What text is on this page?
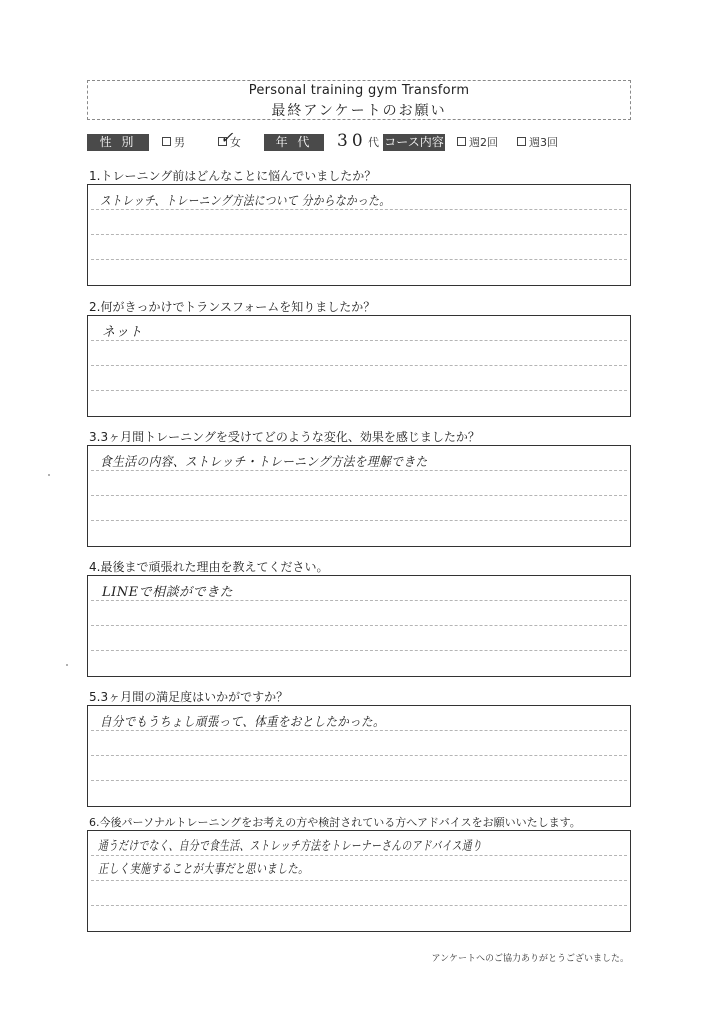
Personal training gym Transform
最終アンケートのお願い
性 別	男	女
✓	年 代	30 代 コース内容	週2回	週3回
1.トレーニング前はどんなことに悩んでいましたか？
ストレッチ、トレーニング方法について 分からなかった。
2.何がきっかけでトランスフォームを知りましたか？
ネット
3.3ヶ月間トレーニングを受けてどのような変化、効果を感じましたか？
食生活の内容、ストレッチ・トレーニング方法を理解できた
4.最後まで頑張れた理由を教えてください。
LINEで相談ができた
5.3ヶ月間の満足度はいかがですか？
自分でもうちょし頑張って、体重をおとしたかった。
6.今後パーソナルトレーニングをお考えの方や検討されている方へアドバイスをお願いいたします。
通うだけでなく、自分で食生活、ストレッチ方法をトレーナーさんのアドバイス通り
正しく実施することが大事だと思いました。
アンケートへのご協力ありがとうございました。
